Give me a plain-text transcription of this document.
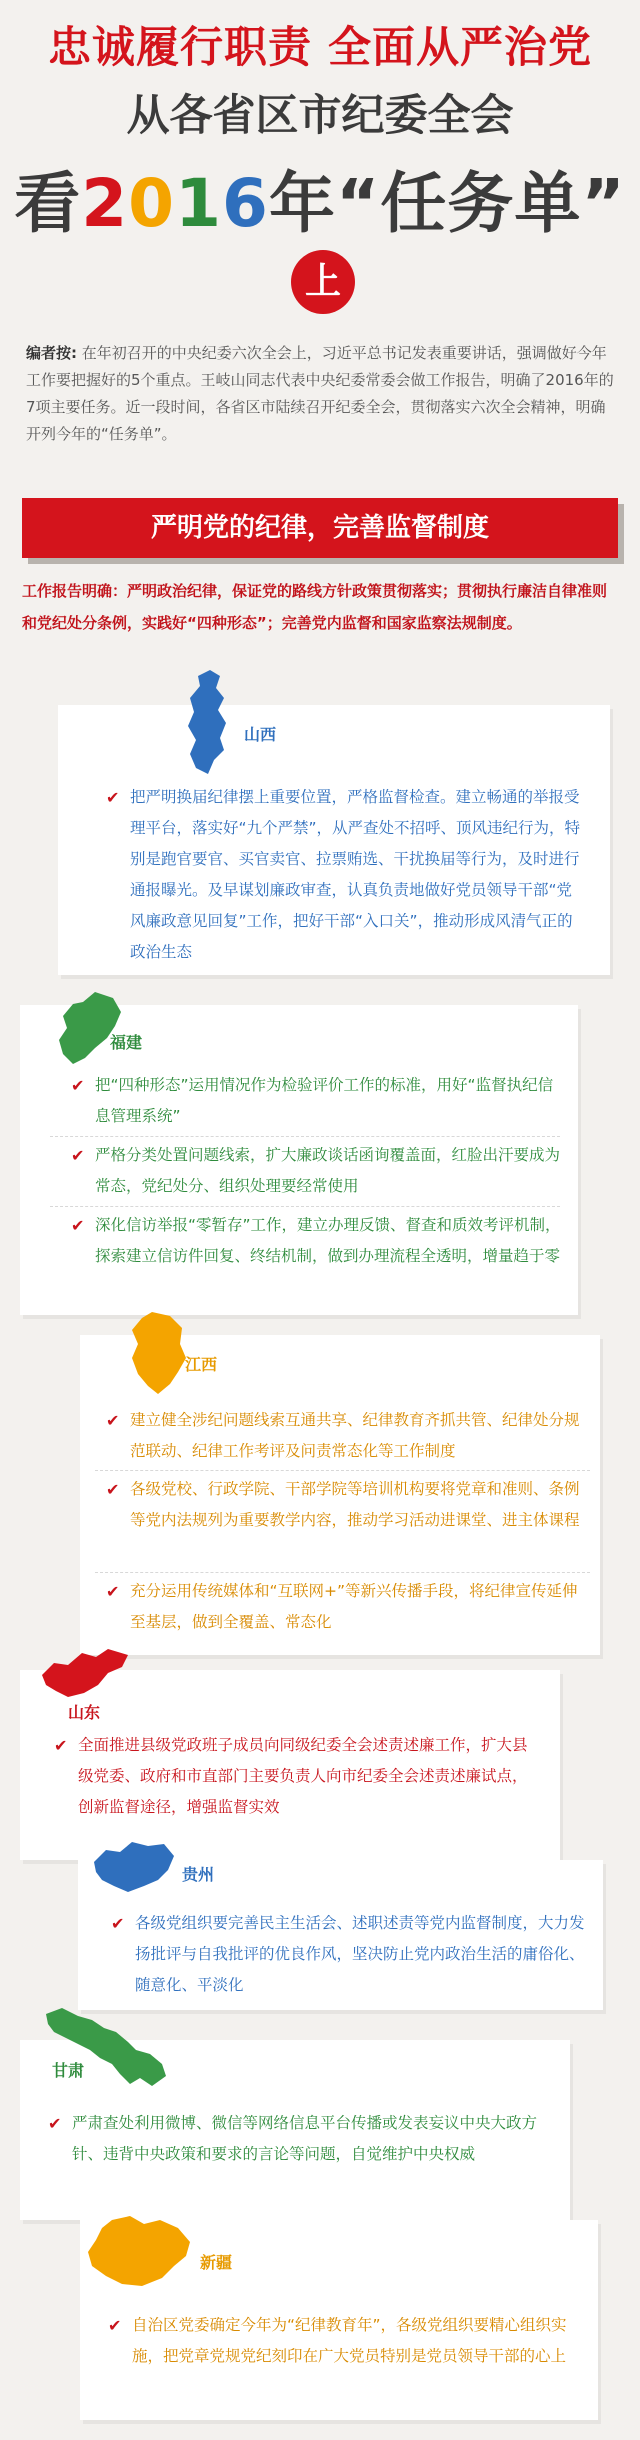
忠诚履行职责 全面从严治党
从各省区市纪委全会
看2016年“任务单”
上
编者按: 在年初召开的中央纪委六次全会上，习近平总书记发表重要讲话，强调做好今年工作要把握好的5个重点。王岐山同志代表中央纪委常委会做工作报告，明确了2016年的7项主要任务。近一段时间，各省区市陆续召开纪委全会，贯彻落实六次全会精神，明确开列今年的“任务单”。
严明党的纪律，完善监督制度
工作报告明确：严明政治纪律，保证党的路线方针政策贯彻落实；贯彻执行廉洁自律准则和党纪处分条例，实践好“四种形态”；完善党内监督和国家监察法规制度。
山西
✔ 把严明换届纪律摆上重要位置，严格监督检查。建立畅通的举报受理平台，落实好“九个严禁”，从严查处不招呼、顶风违纪行为，特别是跑官要官、买官卖官、拉票贿选、干扰换届等行为，及时进行通报曝光。及早谋划廉政审查，认真负责地做好党员领导干部“党风廉政意见回复”工作，把好干部“入口关”，推动形成风清气正的政治生态
福建
✔ 把“四种形态”运用情况作为检验评价工作的标准，用好“监督执纪信息管理系统”
✔ 严格分类处置问题线索，扩大廉政谈话函询覆盖面，红脸出汗要成为常态，党纪处分、组织处理要经常使用
✔ 深化信访举报“零暂存”工作，建立办理反馈、督查和质效考评机制，探索建立信访件回复、终结机制，做到办理流程全透明，增量趋于零
江西
✔ 建立健全涉纪问题线索互通共享、纪律教育齐抓共管、纪律处分规范联动、纪律工作考评及问责常态化等工作制度
✔ 各级党校、行政学院、干部学院等培训机构要将党章和准则、条例等党内法规列为重要教学内容，推动学习活动进课堂、进主体课程
✔ 充分运用传统媒体和“互联网+”等新兴传播手段，将纪律宣传延伸至基层，做到全覆盖、常态化
山东
✔ 全面推进县级党政班子成员向同级纪委全会述责述廉工作，扩大县级党委、政府和市直部门主要负责人向市纪委全会述责述廉试点，创新监督途径，增强监督实效
贵州
✔ 各级党组织要完善民主生活会、述职述责等党内监督制度，大力发扬批评与自我批评的优良作风，坚决防止党内政治生活的庸俗化、随意化、平淡化
甘肃
✔ 严肃查处利用微博、微信等网络信息平台传播或发表妄议中央大政方针、违背中央政策和要求的言论等问题，自觉维护中央权威
新疆
✔ 自治区党委确定今年为“纪律教育年”，各级党组织要精心组织实施，把党章党规党纪刻印在广大党员特别是党员领导干部的心上
